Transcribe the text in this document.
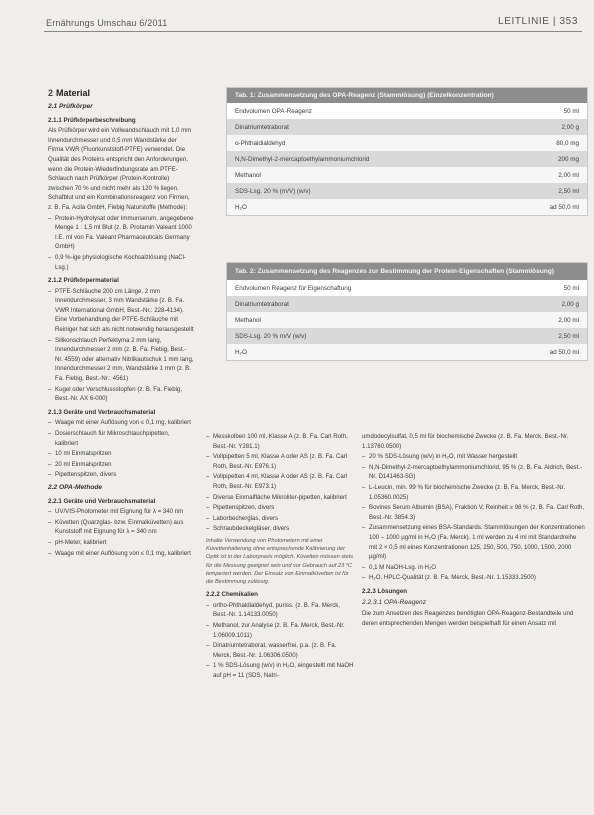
Ernährungs Umschau 6/2011	LEITLINIE | 353
2 Material
2.1 Prüfkörper
2.1.1 Prüfkörperbeschreibung
Als Prüfkörper wird ein Vollwandschlauch mit 1,0 mm Innendurchmesser und 0,5 mm Wandstärke der Firma VWR (Fluorkunststoff-PTFE) verwendet. Die Qualität des Proteins entspricht den Anforderungen, wenn die Protein-Wiederfindungsrate am PTFE-Schlauch nach Prüfkörper (Protein-Kontrolle) zwischen 70 % und nicht mehr als 120 % liegen. Schafblut und ein Kombinationsreagenz von Firmen, z. B. Fa. Acila GmbH, Fiebig Naturstoffe (Methode):
– Protein-Hydrolysat oder Immunserum, angegebene Menge 1 : 1,5 ml Blut (z. B. Protamin Valeant 1000 I.E. ml von Fa. Valeant Pharmaceuticals Germany GmbH)
– 0,9 %-ige physiologische Kochsalzlösung (NaCl-Lsg.)
2.1.2 Prüfkörpermaterial
– PTFE-Schläuche 200 cm Länge, 2 mm Innendurchmesser, 3 mm Wandstärke (z. B. Fa. VWR International GmbH, Best.-Nr.: 228-4134). Eine Vorbehandlung der PTFE-Schläuche mit Reiniger hat sich als nicht notwendig herausgestellt
– Silikonschlauch Perfektyma 2 mm lang, Innendurchmesser 2 mm (z. B. Fa. Fiebig, Best.-Nr. 4559) oder alternativ Nitrilkautschuk 1 mm lang, Innendurchmesser 2 mm, Wandstärke 1 mm (z. B. Fa. Fiebig, Best.-Nr.: 4561)
– Kugel oder Verschlussstopfen (z. B. Fa. Fiebig, Best.-Nr. AX 6-000)
2.1.3 Geräte und Verbrauchsmaterial
– Waage mit einer Auflösung von ≤ 0,1 mg, kalibriert
– Dosierschlauch für Mikroschlauchpipetten, kalibriert
– 10 ml Einmalspritzen
– 20 ml Einmalspritzen
– Pipettenspitzen, divers
2.2 OPA-Methode
2.2.1 Geräte und Verbrauchsmaterial
– UV/VIS-Photometer mit Eignung für λ = 340 nm
– Küvetten (Quarzglas- bzw. Einmalküvetten) aus Kunststoff mit Eignung für λ = 340 nm
– pH-Meter, kalibriert
– Waage mit einer Auflösung von ≤ 0,1 mg, kalibriert
Tab. 1: Zusammensetzung des OPA-Reagenz (Stammlösung) (Einzelkonzentration)
Endvolumen OPA-Reagenz	50 ml
Dinatriumtetraborat	2,00 g
o-Phthaldialdehyd	80,0 mg
N,N-Dimethyl-2-mercaptoethylammoniumchlorid	200 mg
Methanol	2,00 ml
SDS-Lsg. 20 % (m/V) (w/v)	2,50 ml
H₂O	ad 50,0 ml
Tab. 2: Zusammensetzung des Reagenzes zur Bestimmung der Protein-Eigenschaften (Stammlösung)
Endvolumen Reagenz für Eigenschaftung	50 ml
Dinatriumtetraborat	2,00 g
Methanol	2,00 ml
SDS-Lsg. 20 % m/V (w/v)	2,50 ml
H₂O	ad 50,0 ml
– Messkolben 100 ml, Klasse A (z. B. Fa. Carl Roth, Best.-Nr. Y281.1)
– Vollpipetten 5 ml, Klasse A oder AS (z. B. Fa. Carl Roth, Best.-Nr. E976.1)
– Vollpipetten 4 ml, Klasse A oder AS (z. B. Fa. Carl Roth, Best.-Nr. E973.1)
– Diverse Einmalfläche Mikroliter-pipetten, kalibriert
– Pipettenspitzen, divers
– Laborbecherglas, divers
– Schraubdeckelgläser, divers
Inhalte Verwendung von Photometern mit einer Küvettenhalterung ohne entsprechende Kalibrierung der Optik ist in der Laborpraxis möglich. Küvetten müssen stets für die Messung geeignet sein und vor Gebrauch auf 23 °C temperiert werden. Der Einsatz von Einmalküvetten ist für die Bestimmung zulässig.
2.2.2 Chemikalien
– ortho-Phthaldialdehyd, puriss. (z. B. Fa. Merck, Best.-Nr. 1.14133.0050)
– Methanol, zur Analyse (z. B. Fa. Merck, Best.-Nr. 1.06009.1011)
– Dinatriumtetraborat, wasserfrei, p.a. (z. B. Fa. Merck, Best.-Nr. 1.06306.0500)
– 1 % SDS-Lösung (w/v) in H₂O, eingestellt mit NaOH auf pH = 11 (SDS, Natri-
umdodecylsulfat, 0,5 ml für biochemische Zwecke (z. B. Fa. Merck, Best.-Nr. 1.13760.0500)
– 20 % SDS-Lösung (w/v) in H₂O, mit Wasser hergestellt
– N,N-Dimethyl-2-mercaptoethylammoniumchlorid, 95 % (z. B. Fa. Aldrich, Best.-Nr. D141463-5G)
– L-Leucin, min. 99 % für biochemische Zwecke (z. B. Fa. Merck, Best.-Nr. 1.05360.0025)
– Bovines Serum Albumin (BSA), Fraktion V, Reinheit ≥ 98 % (z. B. Fa. Carl Roth, Best.-Nr. 3854.3)
– Zusammensetzung eines BSA-Standards. Stammlösungen der Konzentrationen 100 – 1000 µg/ml in H₂O (Fa. Merck). 1 ml werden zu 4 ml mit Standardreihe mit 2 × 0,5 ml eines Konzentrationen 125, 250, 500, 750, 1000, 1500, 2000 µg/ml)
– 0,1 M NaOH-Lsg. in H₂O
– H₂O, HPLC-Qualität (z. B. Fa. Merck, Best.-Nr. 1.15333.2500)
2.2.3 Lösungen
2.2.3.1 OPA-Reagenz
Die zum Ansetzen des Reagenzes benötigten OPA-Reagenz-Bestandteile und deren entsprechenden Mengen werden beispielhaft für einen Ansatz mit
